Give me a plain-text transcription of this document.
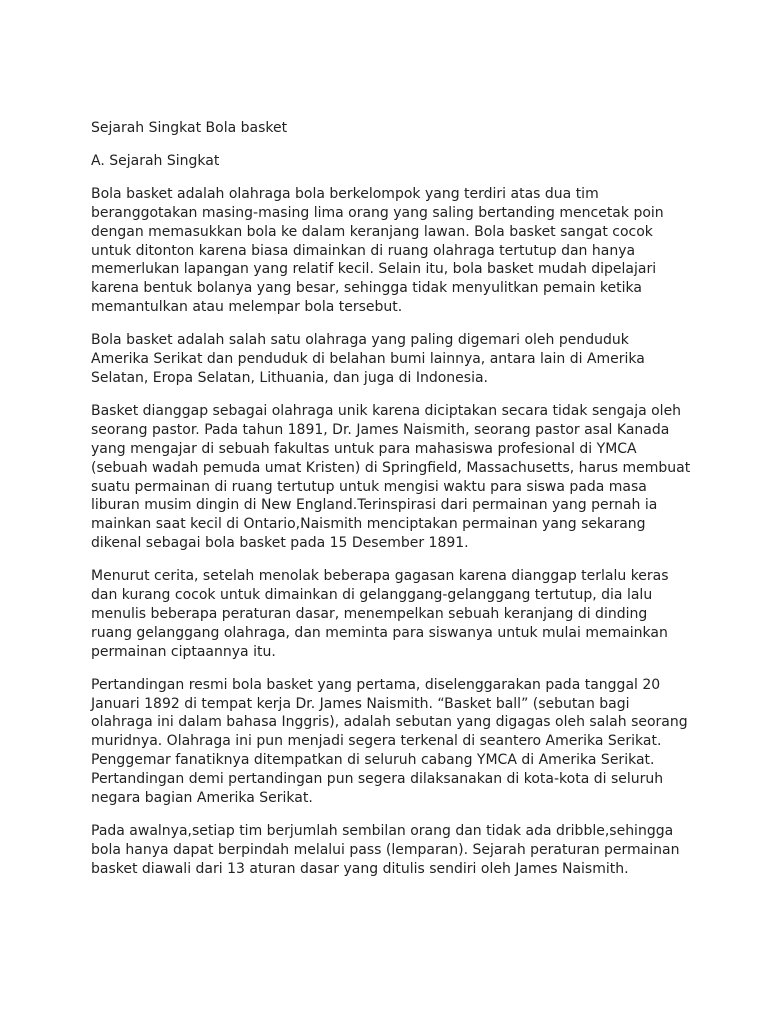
Sejarah Singkat Bola basket

A. Sejarah Singkat

Bola basket adalah olahraga bola berkelompok yang terdiri atas dua tim beranggotakan masing-masing lima orang yang saling bertanding mencetak poin dengan memasukkan bola ke dalam keranjang lawan. Bola basket sangat cocok untuk ditonton karena biasa dimainkan di ruang olahraga tertutup dan hanya memerlukan lapangan yang relatif kecil. Selain itu, bola basket mudah dipelajari karena bentuk bolanya yang besar, sehingga tidak menyulitkan pemain ketika memantulkan atau melempar bola tersebut.

Bola basket adalah salah satu olahraga yang paling digemari oleh penduduk Amerika Serikat dan penduduk di belahan bumi lainnya, antara lain di Amerika Selatan, Eropa Selatan, Lithuania, dan juga di Indonesia.

Basket dianggap sebagai olahraga unik karena diciptakan secara tidak sengaja oleh seorang pastor. Pada tahun 1891, Dr. James Naismith, seorang pastor asal Kanada yang mengajar di sebuah fakultas untuk para mahasiswa profesional di YMCA (sebuah wadah pemuda umat Kristen) di Springfield, Massachusetts, harus membuat suatu permainan di ruang tertutup untuk mengisi waktu para siswa pada masa liburan musim dingin di New England.Terinspirasi dari permainan yang pernah ia mainkan saat kecil di Ontario,Naismith menciptakan permainan yang sekarang dikenal sebagai bola basket pada 15 Desember 1891.

Menurut cerita, setelah menolak beberapa gagasan karena dianggap terlalu keras dan kurang cocok untuk dimainkan di gelanggang-gelanggang tertutup, dia lalu menulis beberapa peraturan dasar, menempelkan sebuah keranjang di dinding ruang gelanggang olahraga, dan meminta para siswanya untuk mulai memainkan permainan ciptaannya itu.

Pertandingan resmi bola basket yang pertama, diselenggarakan pada tanggal 20 Januari 1892 di tempat kerja Dr. James Naismith. “Basket ball” (sebutan bagi olahraga ini dalam bahasa Inggris), adalah sebutan yang digagas oleh salah seorang muridnya. Olahraga ini pun menjadi segera terkenal di seantero Amerika Serikat. Penggemar fanatiknya ditempatkan di seluruh cabang YMCA di Amerika Serikat. Pertandingan demi pertandingan pun segera dilaksanakan di kota-kota di seluruh negara bagian Amerika Serikat.

Pada awalnya,setiap tim berjumlah sembilan orang dan tidak ada dribble,sehingga bola hanya dapat berpindah melalui pass (lemparan). Sejarah peraturan permainan basket diawali dari 13 aturan dasar yang ditulis sendiri oleh James Naismith.
